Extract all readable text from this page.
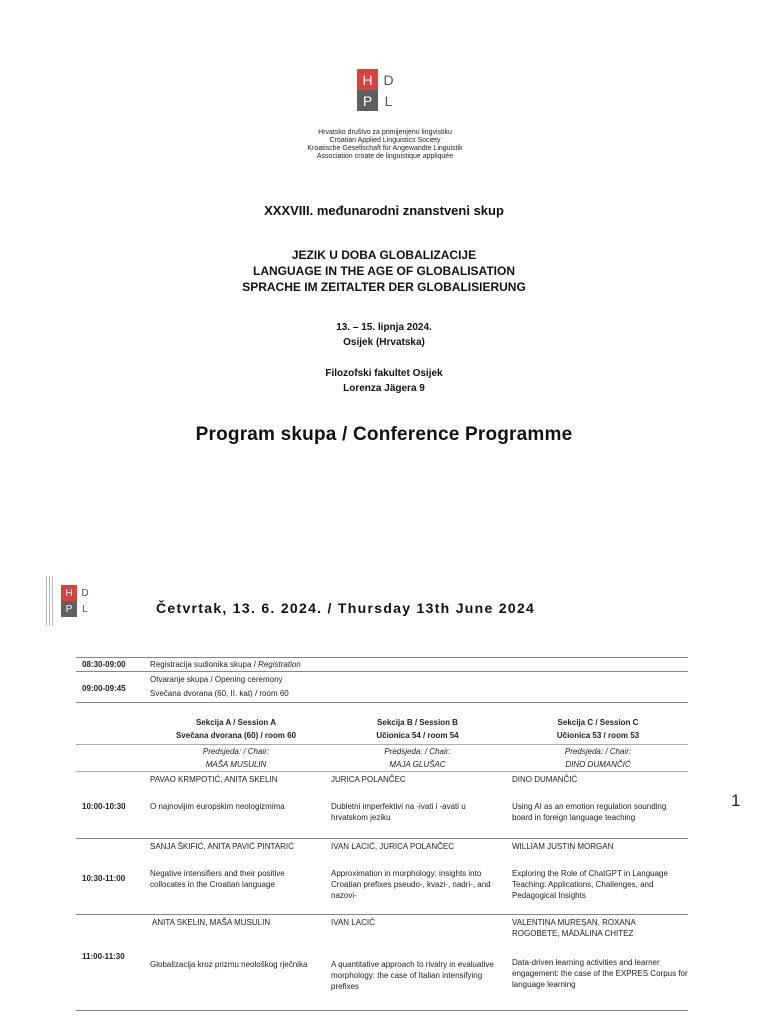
H D
P L
Hrvatsko društvo za primijenjenu lingvistiku
Croatian Applied Linguistics Society
Kroatische Gesellschaft für Angewandte Linguistik
Association croate de linguistique appliquée
XXXVIII. međunarodni znanstveni skup
JEZIK U DOBA GLOBALIZACIJE
LANGUAGE IN THE AGE OF GLOBALISATION
SPRACHE IM ZEITALTER DER GLOBALISIERUNG
13. – 15. lipnja 2024.
Osijek (Hrvatska)
Filozofski fakultet Osijek
Lorenza Jägera 9
Program skupa / Conference Programme
H D
P L	Četvrtak, 13. 6. 2024. / Thursday 13th June 2024
1
08:30-09:00	Registracija sudionika skupa / Registration
09:00-09:45
Otvaranje skupa / Opening ceremony
Svečana dvorana (60, II. kat) / room 60
Sekcija A / Session A
Svečana dvorana (60) / room 60
Sekcija B / Session B
Učionica 54 / room 54
Sekcija C / Session C
Učionica 53 / room 53
Predsjeda: / Chair:
MAŠA MUSULIN
Predsjeda: / Chair:
MAJA GLUŠAC
Predsjeda: / Chair:
DINO DUMANČIĆ
10:00-10:30
PAVAO KRMPOTIĆ, ANITA SKELIN
O najnovijim europskim neologizmima
JURICA POLANČEC
Dubletni imperfektivi na -ivati i -avati u hrvatskom jeziku
DINO DUMANČIĆ
Using AI as an emotion regulation sounding board in foreign language teaching
10:30-11:00
SANJA ŠKIFIĆ, ANITA PAVIĆ PINTARIĆ
Negative intensifiers and their positive collocates in the Croatian language
IVAN LACIĆ, JURICA POLANČEC
Approximation in morphology: insights into Croatian prefixes pseudo-, kvazi-, nadri-, and nazovi-
WILLIAM JUSTIN MORGAN
Exploring the Role of ChatGPT in Language Teaching: Applications, Challenges, and Pedagogical Insights
11:00-11:30
ANITA SKELIN, MAŠA MUSULIN
Globalizacija kroz prizmu neološkog rječnika
IVAN LACIĆ
A quantitative approach to rivalry in evaluative morphology: the case of Italian intensifying prefixes
VALENTINA MUREȘAN, ROXANA ROGOBETE, MĂDĂLINA CHITEZ
Data-driven learning activities and learner engagement: the case of the EXPRES Corpus for language learning
